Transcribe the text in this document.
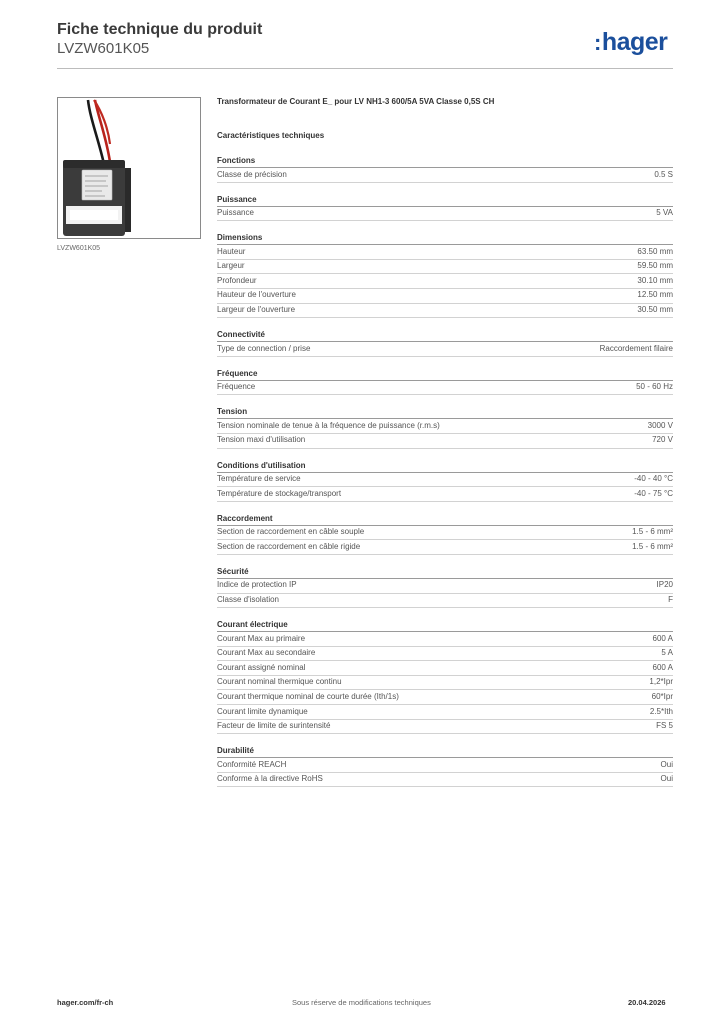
Fiche technique du produit
LVZW601K05	:hager
LVZW601K05
Transformateur de Courant E_ pour LV NH1-3 600/5A 5VA Classe 0,5S CH
Caractéristiques techniques
Fonctions
Classe de précision	0.5 S
Puissance
Puissance	5 VA
Dimensions
Hauteur	63.50 mm
Largeur	59.50 mm
Profondeur	30.10 mm
Hauteur de l'ouverture	12.50 mm
Largeur de l'ouverture	30.50 mm
Connectivité
Type de connection / prise	Raccordement filaire
Fréquence
Fréquence	50 - 60 Hz
Tension
Tension nominale de tenue à la fréquence de puissance (r.m.s)	3000 V
Tension maxi d'utilisation	720 V
Conditions d'utilisation
Température de service	-40 - 40 °C
Température de stockage/transport	-40 - 75 °C
Raccordement
Section de raccordement en câble souple	1.5 - 6 mm²
Section de raccordement en câble rigide	1.5 - 6 mm²
Sécurité
Indice de protection IP	IP20
Classe d'isolation	F
Courant électrique
Courant Max au primaire	600 A
Courant Max au secondaire	5 A
Courant assigné nominal	600 A
Courant nominal thermique continu	1,2*Ipr
Courant thermique nominal de courte durée (Ith/1s)	60*Ipr
Courant limite dynamique	2.5*Ith
Facteur de limite de surintensité	FS 5
Durabilité
Conformité REACH	Oui
Conforme à la directive RoHS	Oui
hager.com/fr-ch	Sous réserve de modifications techniques	20.04.2026
